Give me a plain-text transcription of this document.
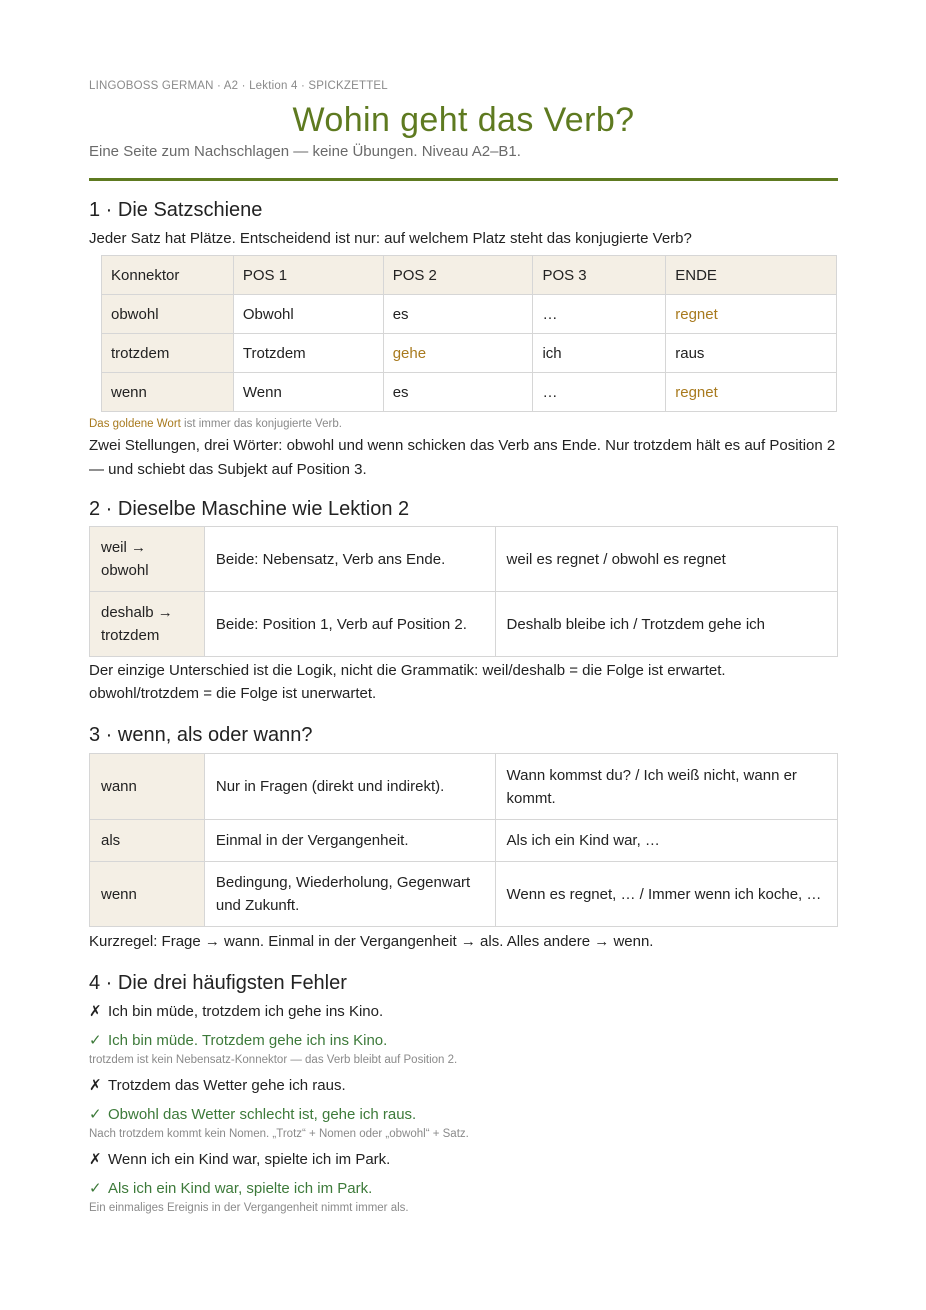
LINGOBOSS GERMAN · A2 · Lektion 4 · SPICKZETTEL
Wohin geht das Verb?
Eine Seite zum Nachschlagen — keine Übungen. Niveau A2–B1.
1 · Die Satzschiene

Jeder Satz hat Plätze. Entscheidend ist nur: auf welchem Platz steht das konjugierte Verb?

Konnektor	POS 1	POS 2	POS 3	ENDE
obwohl	Obwohl	es	…	regnet
trotzdem	Trotzdem	gehe	ich	raus
wenn	Wenn	es	…	regnet
Das goldene Wort ist immer das konjugierte Verb.

Zwei Stellungen, drei Wörter: obwohl und wenn schicken das Verb ans Ende. Nur trotzdem hält es auf Position 2 — und schiebt das Subjekt auf Position 3.

2 · Dieselbe Maschine wie Lektion 2
weil → obwohl	Beide: Nebensatz, Verb ans Ende.	weil es regnet / obwohl es regnet
deshalb → trotzdem	Beide: Position 1, Verb auf Position 2.	Deshalb bleibe ich / Trotzdem gehe ich

Der einzige Unterschied ist die Logik, nicht die Grammatik: weil/deshalb = die Folge ist erwartet. obwohl/trotzdem = die Folge ist unerwartet.

3 · wenn, als oder wann?
wann	Nur in Fragen (direkt und indirekt).	Wann kommst du? / Ich weiß nicht, wann er kommt.
als	Einmal in der Vergangenheit.	Als ich ein Kind war, …
wenn	Bedingung, Wiederholung, Gegenwart und Zukunft.	Wenn es regnet, … / Immer wenn ich koche, …

Kurzregel: Frage → wann. Einmal in der Vergangenheit → als. Alles andere → wenn.

4 · Die drei häufigsten Fehler
✗ Ich bin müde, trotzdem ich gehe ins Kino.
✓ Ich bin müde. Trotzdem gehe ich ins Kino.
trotzdem ist kein Nebensatz-Konnektor — das Verb bleibt auf Position 2.
✗ Trotzdem das Wetter gehe ich raus.
✓ Obwohl das Wetter schlecht ist, gehe ich raus.
Nach trotzdem kommt kein Nomen. „Trotz“ + Nomen oder „obwohl“ + Satz.
✗ Wenn ich ein Kind war, spielte ich im Park.
✓ Als ich ein Kind war, spielte ich im Park.
Ein einmaliges Ereignis in der Vergangenheit nimmt immer als.
